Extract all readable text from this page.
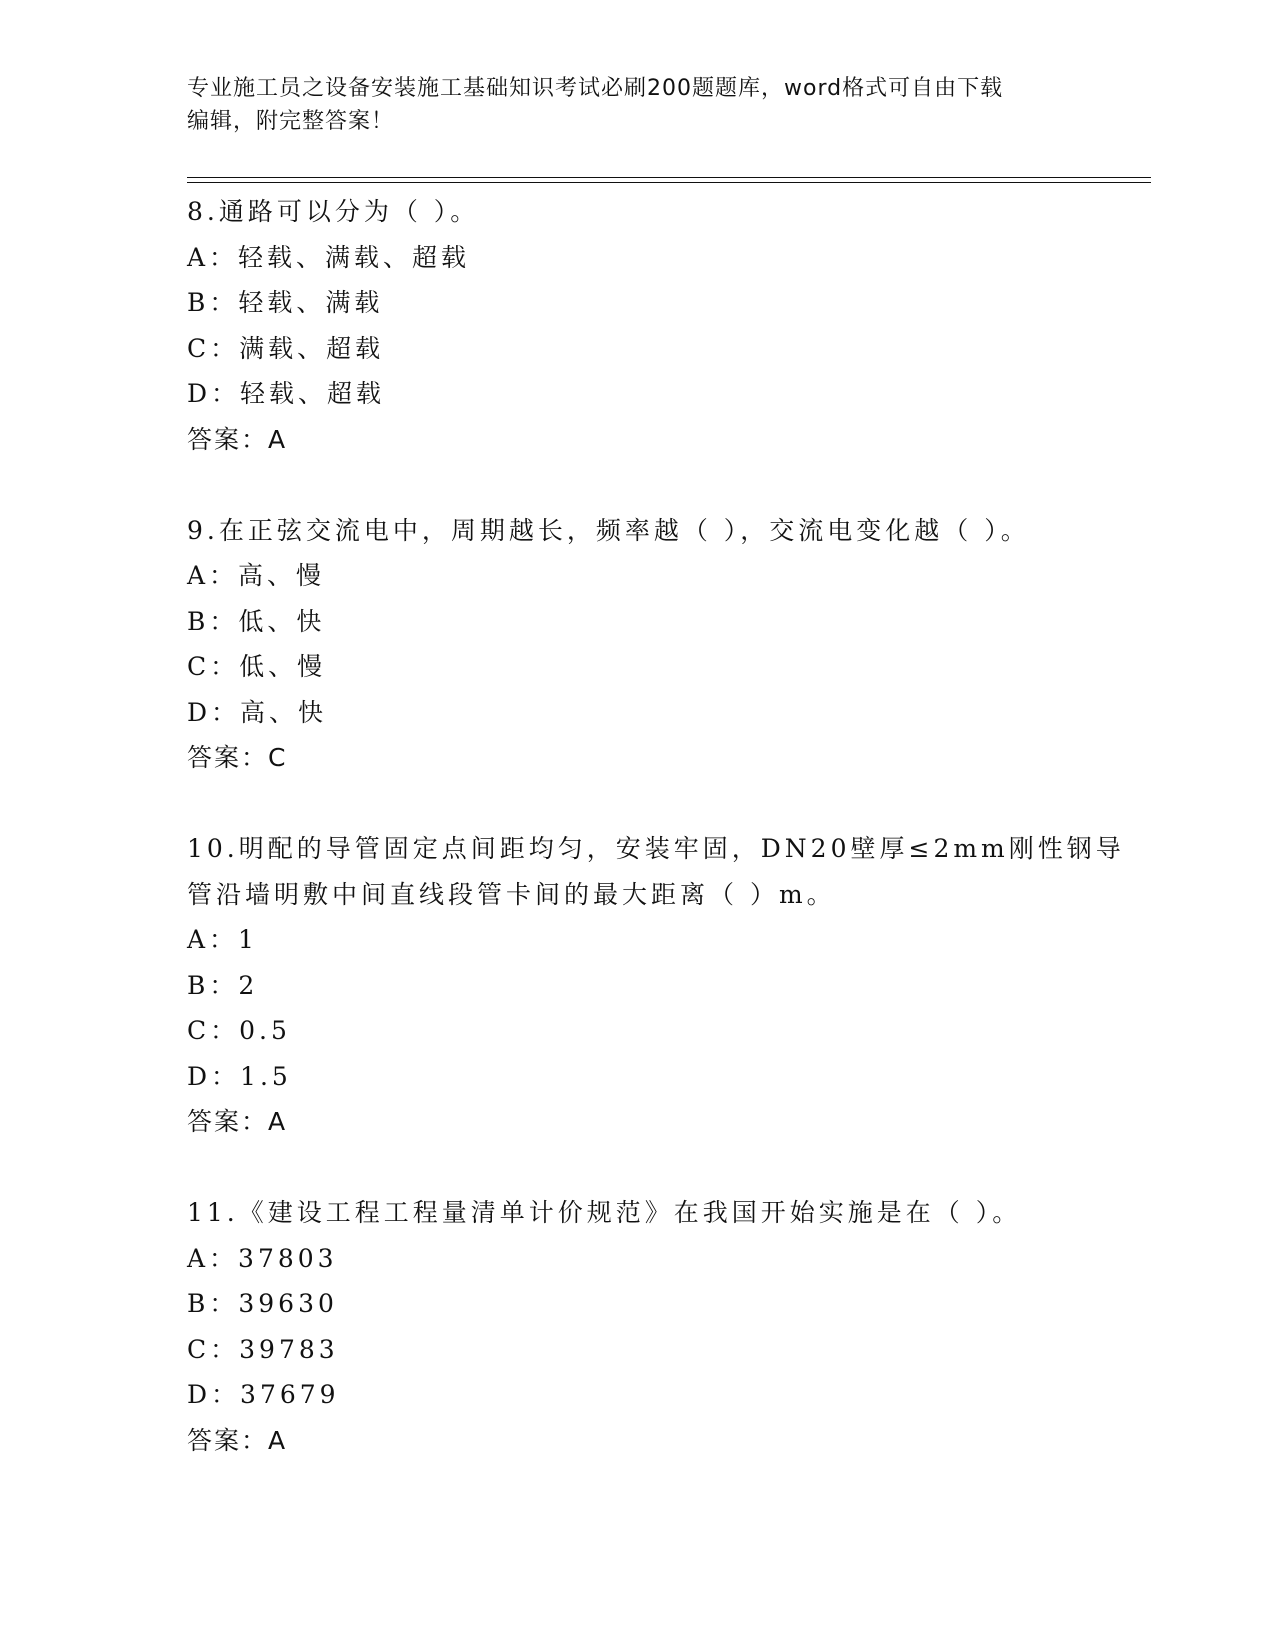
专业施工员之设备安装施工基础知识考试必刷200题题库，word格式可自由下载
编辑，附完整答案！
8.通路可以分为（ ）。
A：轻载、满载、超载
B：轻载、满载
C：满载、超载
D：轻载、超载
答案：A
9.在正弦交流电中，周期越长，频率越（ ），交流电变化越（ ）。
A：高、慢
B：低、快
C：低、慢
D：高、快
答案：C
10.明配的导管固定点间距均匀，安装牢固，DN20壁厚≤2mm刚性钢导
管沿墙明敷中间直线段管卡间的最大距离（ ）m。
A：1
B：2
C：0.5
D：1.5
答案：A
11.《建设工程工程量清单计价规范》在我国开始实施是在（ ）。
A：37803
B：39630
C：39783
D：37679
答案：A
